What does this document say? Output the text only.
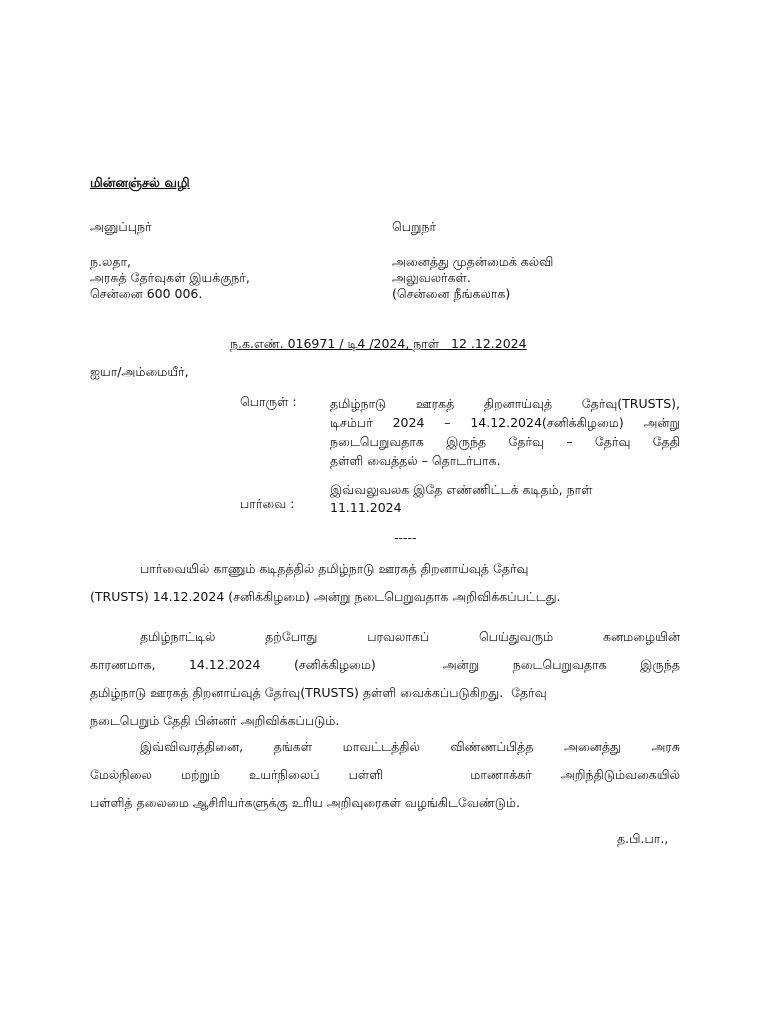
மின்னஞ்சல் வழி
அனுப்புநர்	பெறுநர்
ந.லதா,
அரசுத் தேர்வுகள் இயக்குநர்,
சென்னை 600 006.
அனைத்து முதன்மைக் கல்வி
அலுவலர்கள்.
(சென்னை நீங்கலாக)
ந.க.எண். 016971 / டி4 /2024, நாள்   12 .12.2024
ஐயா/அம்மையீர்,
பொருள் :	தமிழ்நாடு ஊரகத் திறனாய்வுத் தேர்வு(TRUSTS),
டிசம்பர் 2024 – 14.12.2024(சனிக்கிழமை) அன்று
நடைபெறுவதாக இருந்த தேர்வு – தேர்வு தேதி
தள்ளி வைத்தல் – தொடர்பாக.
பார்வை :
இவ்வலுவலக இதே எண்ணிட்டக் கடிதம், நாள்
11.11.2024
-----
பார்வையில் காணும் கடிதத்தில் தமிழ்நாடு ஊரகத் திறனாய்வுத் தேர்வு
(TRUSTS) 14.12.2024 (சனிக்கிழமை) அன்று நடைபெறுவதாக அறிவிக்கப்பட்டது.
தமிழ்நாட்டில் தற்போது பரவலாகப் பெய்துவரும் கனமழையின்
காரணமாக, 14.12.2024 (சனிக்கிழமை)  அன்று நடைபெறுவதாக இருந்த
தமிழ்நாடு ஊரகத் திறனாய்வுத் தேர்வு(TRUSTS) தள்ளி வைக்கப்படுகிறது.  தேர்வு
நடைபெறும் தேதி பின்னர் அறிவிக்கப்படும்.
இவ்விவரத்தினை, தங்கள் மாவட்டத்தில் விண்ணப்பித்த அனைத்து அரசு
மேல்நிலை மற்றும் உயர்நிலைப் பள்ளி   மாணாக்கர் அறிந்திடும்வகையில்
பள்ளித் தலைமை ஆசிரியர்களுக்கு உரிய அறிவுரைகள் வழங்கிடவேண்டும்.
த.பி.பா.,
